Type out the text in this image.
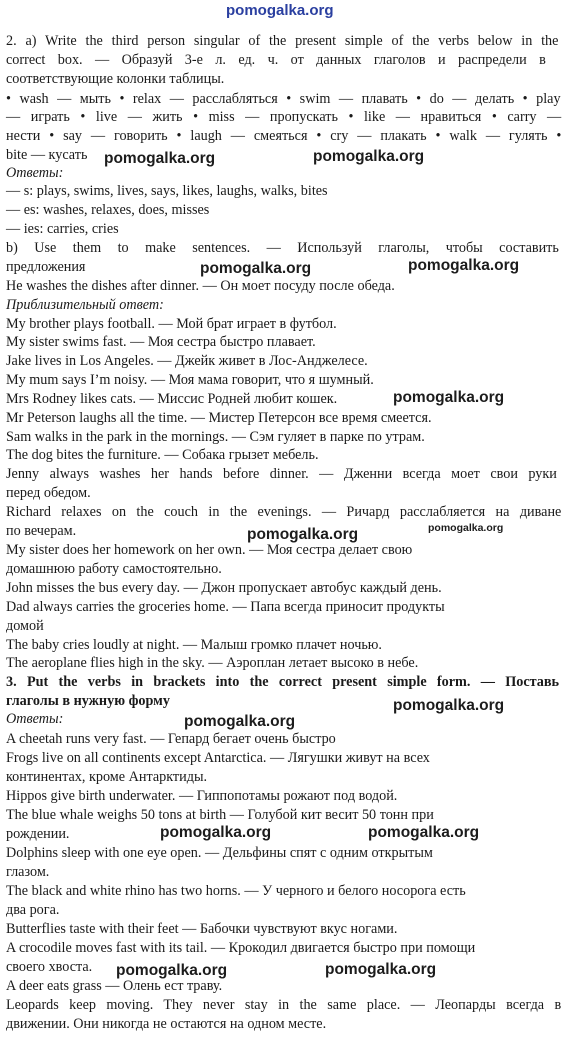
pomogalka.org
2. a) Write the third person singular of the present simple of the verbs below in the
correct box. — Образуй 3-е л. ед. ч. от данных глаголов и распредели в
соответствующие колонки таблицы.
• wash — мыть • relax — расслабляться • swim — плавать • do — делать • play
— играть • live — жить • miss — пропускать • like — нравиться • carry —
нести • say — говорить • laugh — смеяться • cry — плакать • walk — гулять •
bite — кусать
Ответы:
— s: plays, swims, lives, says, likes, laughs, walks, bites
— es: washes, relaxes, does, misses
— ies: carries, cries
b) Use them to make sentences. — Используй глаголы, чтобы составить
предложения
He washes the dishes after dinner. — Он моет посуду после обеда.
Приблизительный ответ:
My brother plays football. — Мой брат играет в футбол.
My sister swims fast. — Моя сестра быстро плавает.
Jake lives in Los Angeles. — Джейк живет в Лос-Анджелесе.
My mum says I’m noisy. — Моя мама говорит, что я шумный.
Mrs Rodney likes cats. — Миссис Родней любит кошек.
Mr Peterson laughs all the time. — Мистер Петерсон все время смеется.
Sam walks in the park in the mornings. — Сэм гуляет в парке по утрам.
The dog bites the furniture. — Собака грызет мебель.
Jenny always washes her hands before dinner. — Дженни всегда моет свои руки
перед обедом.
Richard relaxes on the couch in the evenings. — Ричард расслабляется на диване
по вечерам.
My sister does her homework on her own. — Моя сестра делает свою
домашнюю работу самостоятельно.
John misses the bus every day. — Джон пропускает автобус каждый день.
Dad always carries the groceries home. — Папа всегда приносит продукты
домой
The baby cries loudly at night. — Малыш громко плачет ночью.
The aeroplane flies high in the sky. — Аэроплан летает высоко в небе.
3. Put the verbs in brackets into the correct present simple form. — Поставь
глаголы в нужную форму
Ответы:
A cheetah runs very fast. — Гепард бегает очень быстро
Frogs live on all continents except Antarctica. — Лягушки живут на всех
континентах, кроме Антарктиды.
Hippos give birth underwater. — Гиппопотамы рожают под водой.
The blue whale weighs 50 tons at birth — Голубой кит весит 50 тонн при
рождении.
Dolphins sleep with one eye open. — Дельфины спят с одним открытым
глазом.
The black and white rhino has two horns. — У черного и белого носорога есть
два рога.
Butterflies taste with their feet — Бабочки чувствуют вкус ногами.
A crocodile moves fast with its tail. — Крокодил двигается быстро при помощи
своего хвоста.
A deer eats grass — Олень ест траву.
Leopards keep moving. They never stay in the same place. — Леопарды всегда в
движении. Они никогда не остаются на одном месте.
pomogalka.org	pomogalka.org
pomogalka.org	pomogalka.org
pomogalka.org
pomogalka.org	pomogalka.org
pomogalka.org
pomogalka.org
pomogalka.org	pomogalka.org
pomogalka.org	pomogalka.org
